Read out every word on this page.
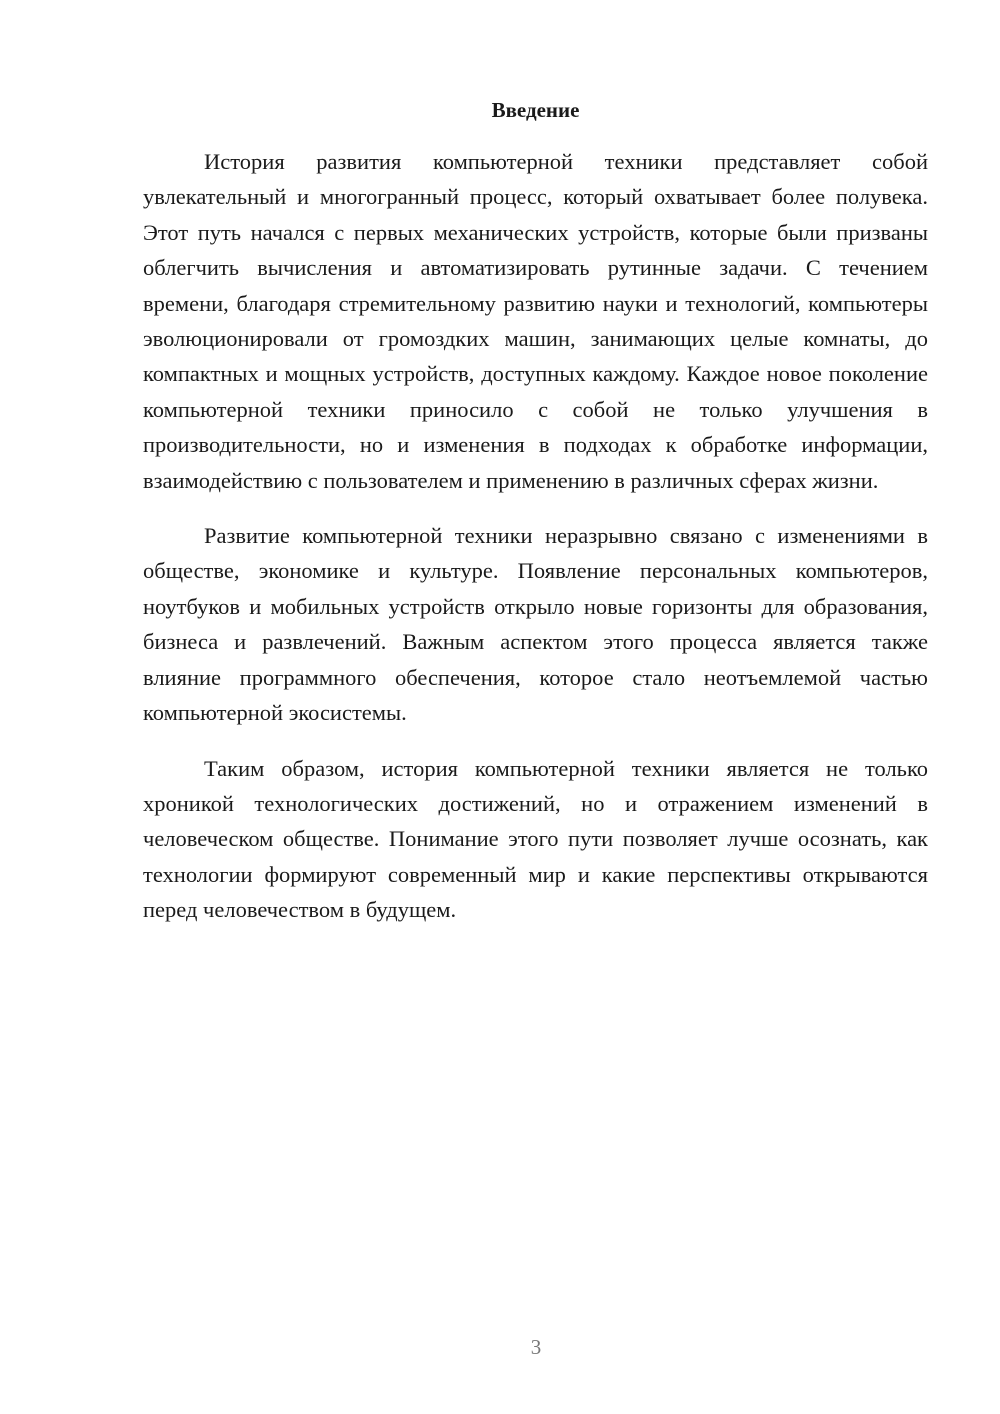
Введение

История развития компьютерной техники представляет собой увлекательный и многогранный процесс, который охватывает более полувека. Этот путь начался с первых механических устройств, которые были призваны облегчить вычисления и автоматизировать рутинные задачи. С течением времени, благодаря стремительному развитию науки и технологий, компьютеры эволюционировали от громоздких машин, занимающих целые комнаты, до компактных и мощных устройств, доступных каждому. Каждое новое поколение компьютерной техники приносило с собой не только улучшения в производительности, но и изменения в подходах к обработке информации, взаимодействию с пользователем и применению в различных сферах жизни.

Развитие компьютерной техники неразрывно связано с изменениями в обществе, экономике и культуре. Появление персональных компьютеров, ноутбуков и мобильных устройств открыло новые горизонты для образования, бизнеса и развлечений. Важным аспектом этого процесса является также влияние программного обеспечения, которое стало неотъемлемой частью компьютерной экосистемы.

Таким образом, история компьютерной техники является не только хроникой технологических достижений, но и отражением изменений в человеческом обществе. Понимание этого пути позволяет лучше осознать, как технологии формируют современный мир и какие перспективы открываются перед человечеством в будущем.

3
